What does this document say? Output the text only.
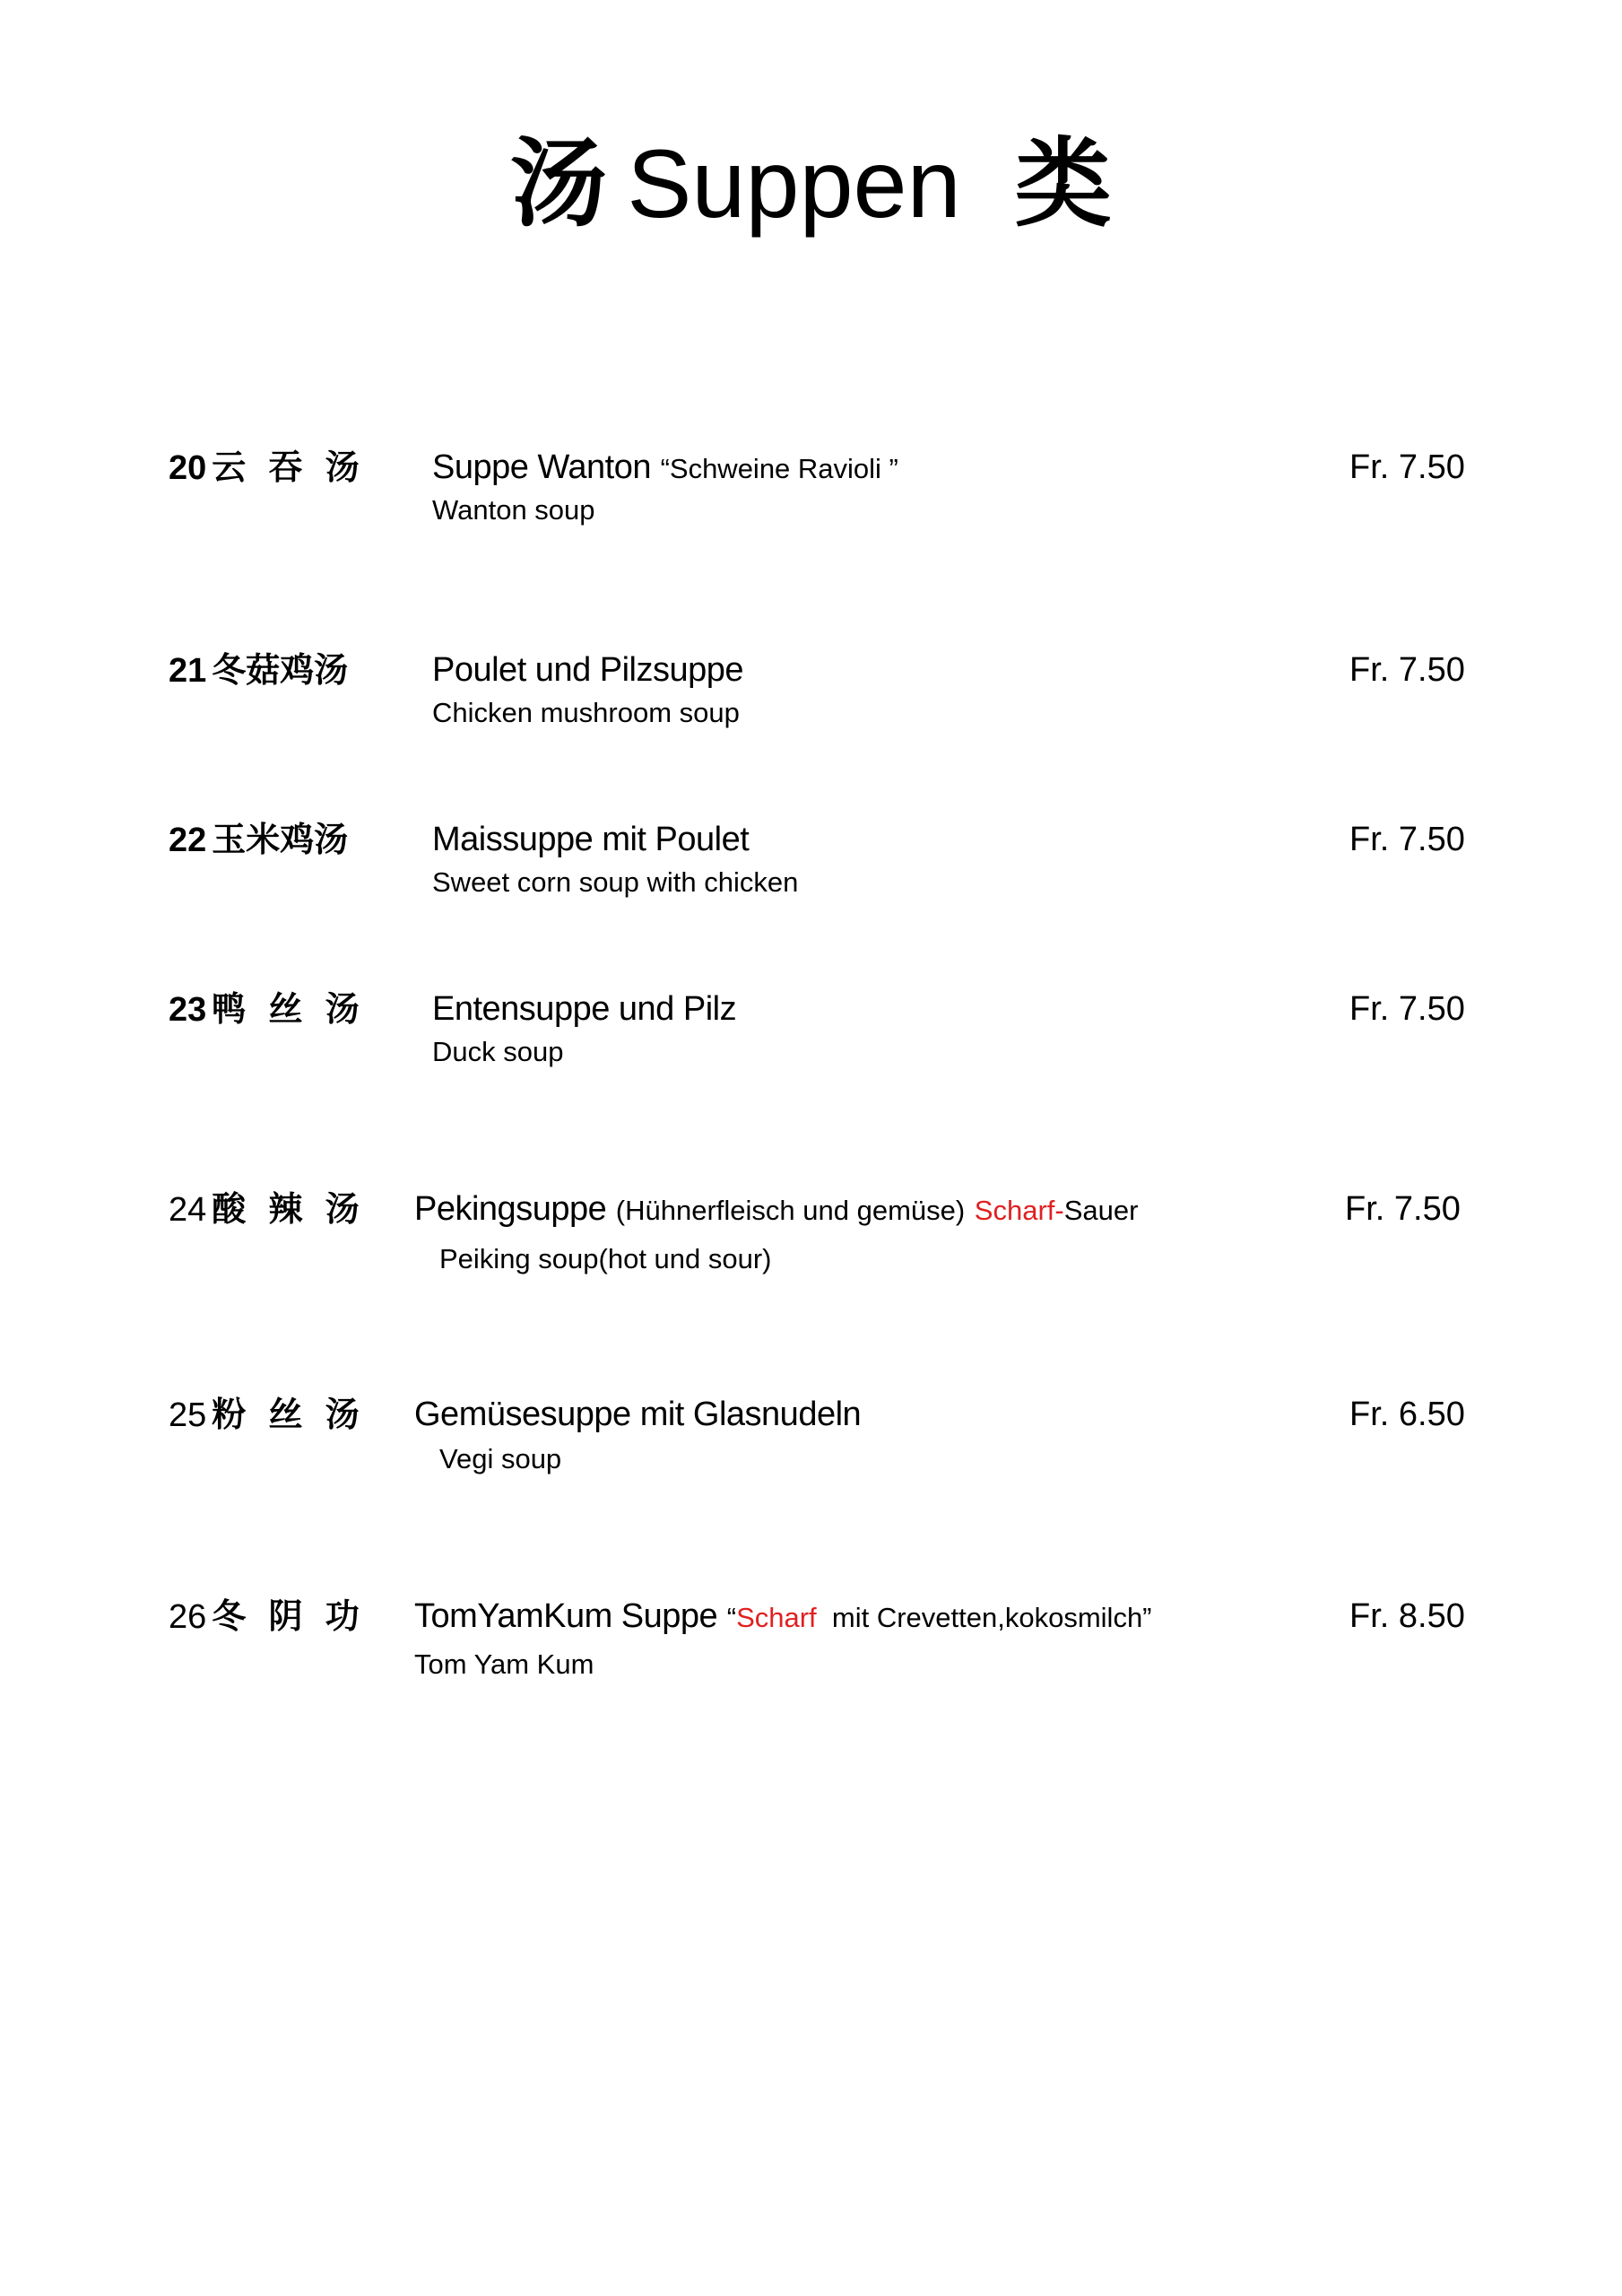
汤 Suppen 类
20 云 吞 汤 Suppe Wanton “Schweine Ravioli ”
Wanton soup
Fr. 7.50
21 冬菇鸡汤 Poulet und Pilzsuppe
Chicken mushroom soup
Fr. 7.50
22 玉米鸡汤 Maissuppe mit Poulet
Sweet corn soup with chicken
Fr. 7.50
23 鸭 丝 汤 Entensuppe und Pilz
Duck soup
Fr. 7.50
24 酸 辣 汤 Pekingsuppe (Hühnerfleisch und gemüse) Scharf-Sauer
Peiking soup(hot und sour)
Fr. 7.50
25 粉 丝 汤 Gemüsesuppe mit Glasnudeln
Vegi soup
Fr. 6.50
26 冬 阴 功 TomYamKum Suppe “Scharf  mit Crevetten,kokosmilch”
Tom Yam Kum
Fr. 8.50
